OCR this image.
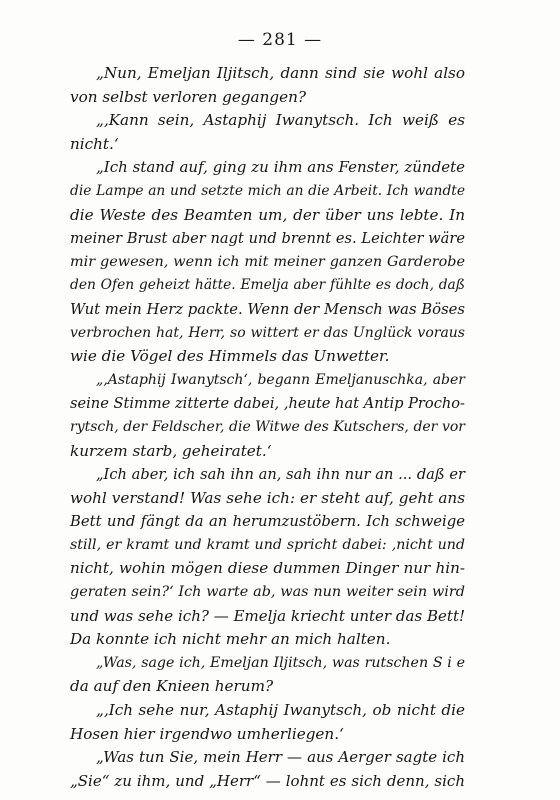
— 281 —
„Nun, Emeljan Iljitsch, dann sind sie wohl also
von selbst verloren gegangen?
„‚Kann sein, Astaphij Iwanytsch. Ich weiß es
nicht.‘
„Ich stand auf, ging zu ihm ans Fenster, zündete
die Lampe an und setzte mich an die Arbeit. Ich wandte
die Weste des Beamten um, der über uns lebte. In
meiner Brust aber nagt und brennt es. Leichter wäre
mir gewesen, wenn ich mit meiner ganzen Garderobe
den Ofen geheizt hätte. Emelja aber fühlte es doch, daß
Wut mein Herz packte. Wenn der Mensch was Böses
verbrochen hat, Herr, so wittert er das Unglück voraus
wie die Vögel des Himmels das Unwetter.
„‚Astaphij Iwanytsch‘, begann Emeljanuschka, aber
seine Stimme zitterte dabei, ‚heute hat Antip Procho-
rytsch, der Feldscher, die Witwe des Kutschers, der vor
kurzem starb, geheiratet.‘
„Ich aber, ich sah ihn an, sah ihn nur an ... daß er
wohl verstand! Was sehe ich: er steht auf, geht ans
Bett und fängt da an herumzustöbern. Ich schweige
still, er kramt und kramt und spricht dabei: ‚nicht und
nicht, wohin mögen diese dummen Dinger nur hin-
geraten sein?‘ Ich warte ab, was nun weiter sein wird
und was sehe ich? — Emelja kriecht unter das Bett!
Da konnte ich nicht mehr an mich halten.
„Was, sage ich, Emeljan Iljitsch, was rutschen S i e
da auf den Knieen herum?
„‚Ich sehe nur, Astaphij Iwanytsch, ob nicht die
Hosen hier irgendwo umherliegen.‘
„Was tun Sie, mein Herr — aus Aerger sagte ich
„Sie“ zu ihm, und „Herr“ — lohnt es sich denn, sich
